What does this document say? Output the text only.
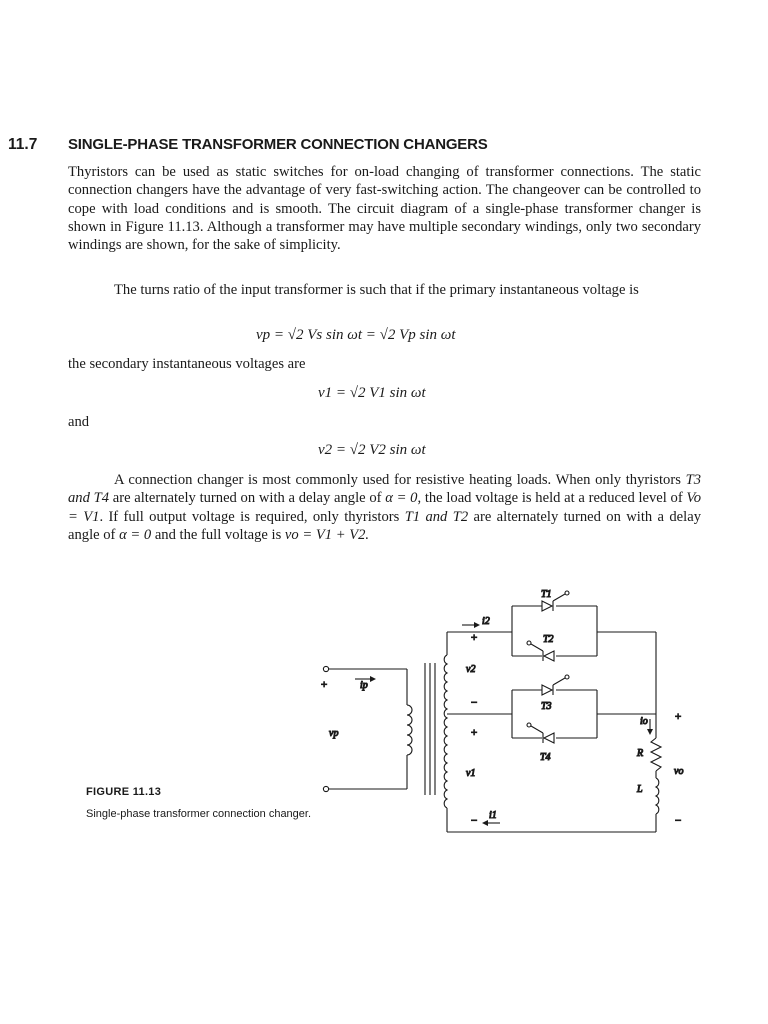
11.7 SINGLE-PHASE TRANSFORMER CONNECTION CHANGERS
Thyristors can be used as static switches for on-load changing of transformer connections. The static connection changers have the advantage of very fast-switching action. The changeover can be controlled to cope with load conditions and is smooth. The circuit diagram of a single-phase transformer changer is shown in Figure 11.13. Although a transformer may have multiple secondary windings, only two secondary windings are shown, for the sake of simplicity.
The turns ratio of the input transformer is such that if the primary instantaneous voltage is
vp = √2 Vs sin ωt = √2 Vp sin ωt
the secondary instantaneous voltages are
v1 = √2 V1 sin ωt
and
v2 = √2 V2 sin ωt
A connection changer is most commonly used for resistive heating loads. When only thyristors T3 and T4 are alternately turned on with a delay angle of α = 0, the load voltage is held at a reduced level of Vo = V1. If full output voltage is required, only thyristors T1 and T2 are alternately turned on with a delay angle of α = 0 and the full voltage is vo = V1 + V2.
FIGURE 11.13
Single-phase transformer connection changer.
T1
T2
T3
T4
i2
ip
i1
io
v2
v1
vp
vo
R
L
+
+
−
+
−
+
−
